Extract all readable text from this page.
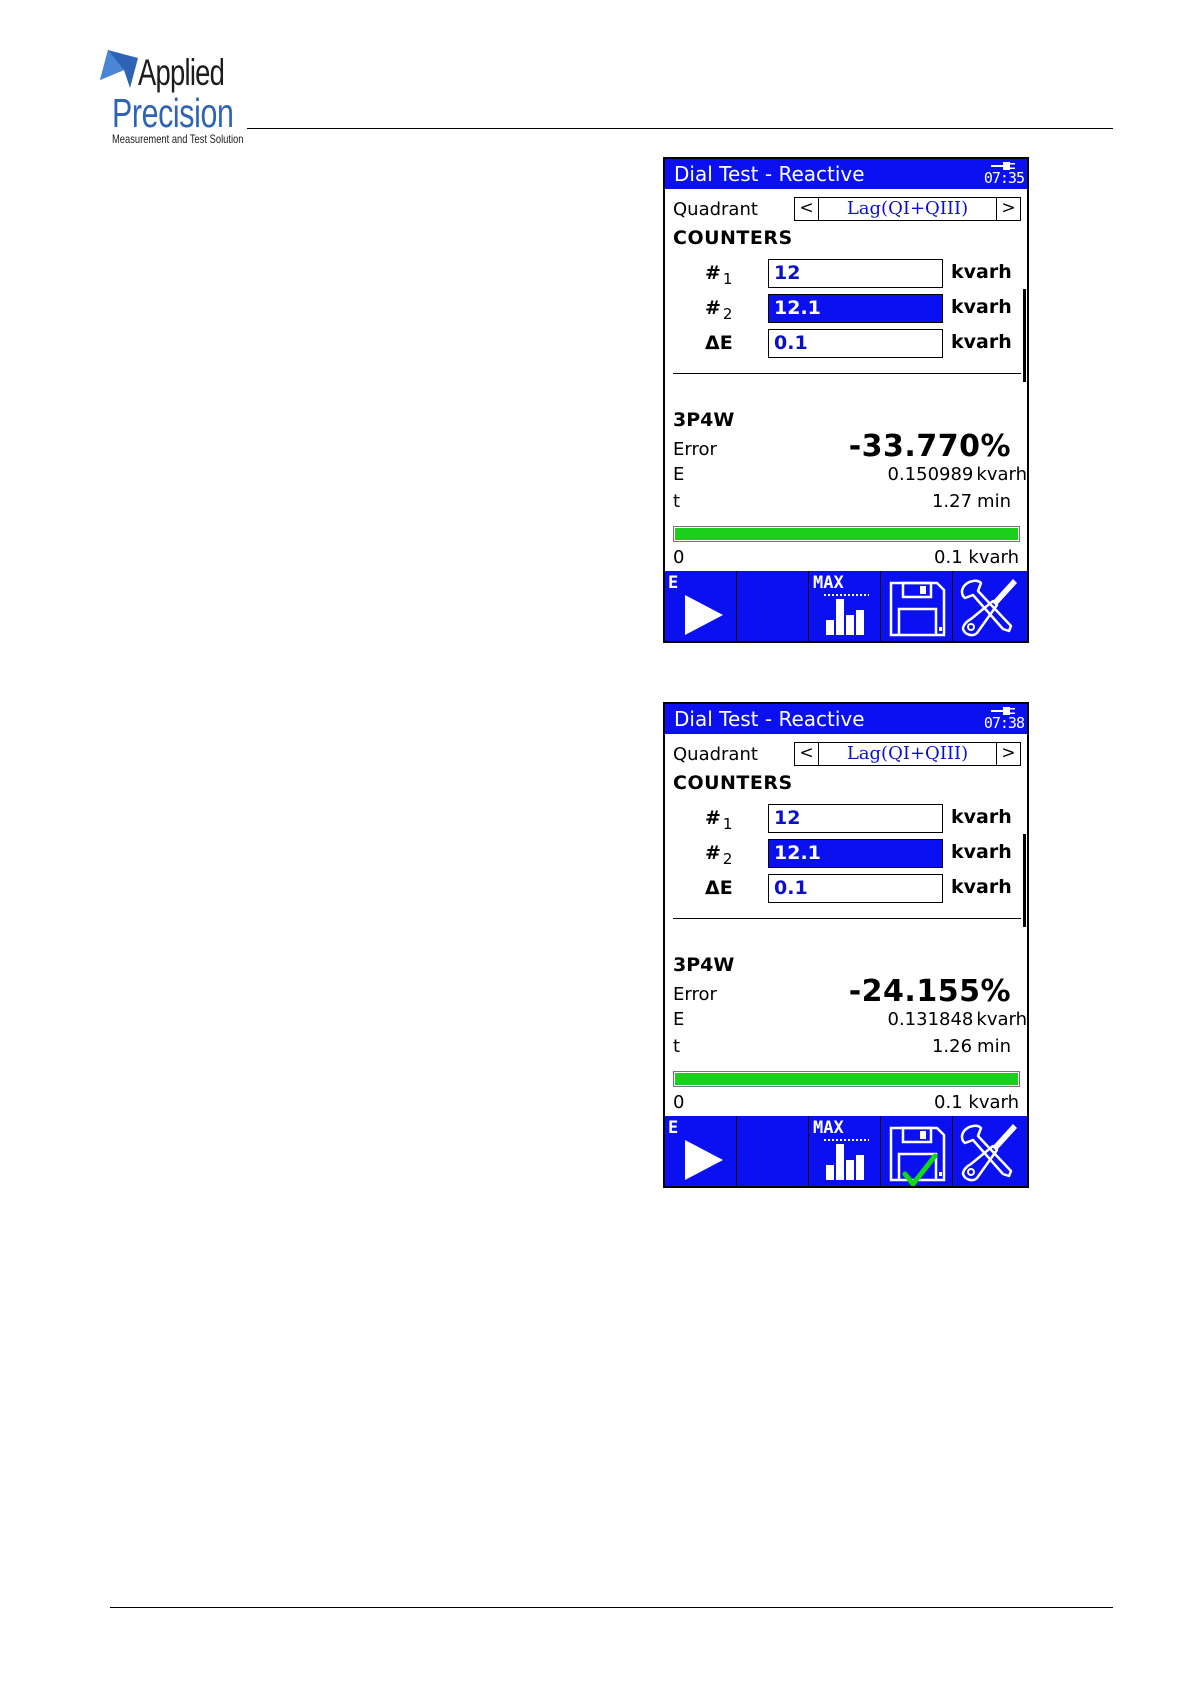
Applied
Precision
Measurement and Test Solution
Dial Test - Reactive	07:35
Quadrant <	Lag(QI+QIII)	>
COUNTERS
# $_1$	12	kvarh
# $_2$	12.1	kvarh
ΔE	0.1	kvarh
3P4W
Error	-33.770%
E	0.150989 kvarh
t	1.27 min
0	0.1 kvarh
E	MAX
Dial Test - Reactive	07:38
Quadrant <	Lag(QI+QIII)	>
COUNTERS
# $_1$	12	kvarh
# $_2$	12.1	kvarh
ΔE	0.1	kvarh
3P4W
Error	-24.155%
E	0.131848 kvarh
t	1.26 min
0	0.1 kvarh
E	MAX
